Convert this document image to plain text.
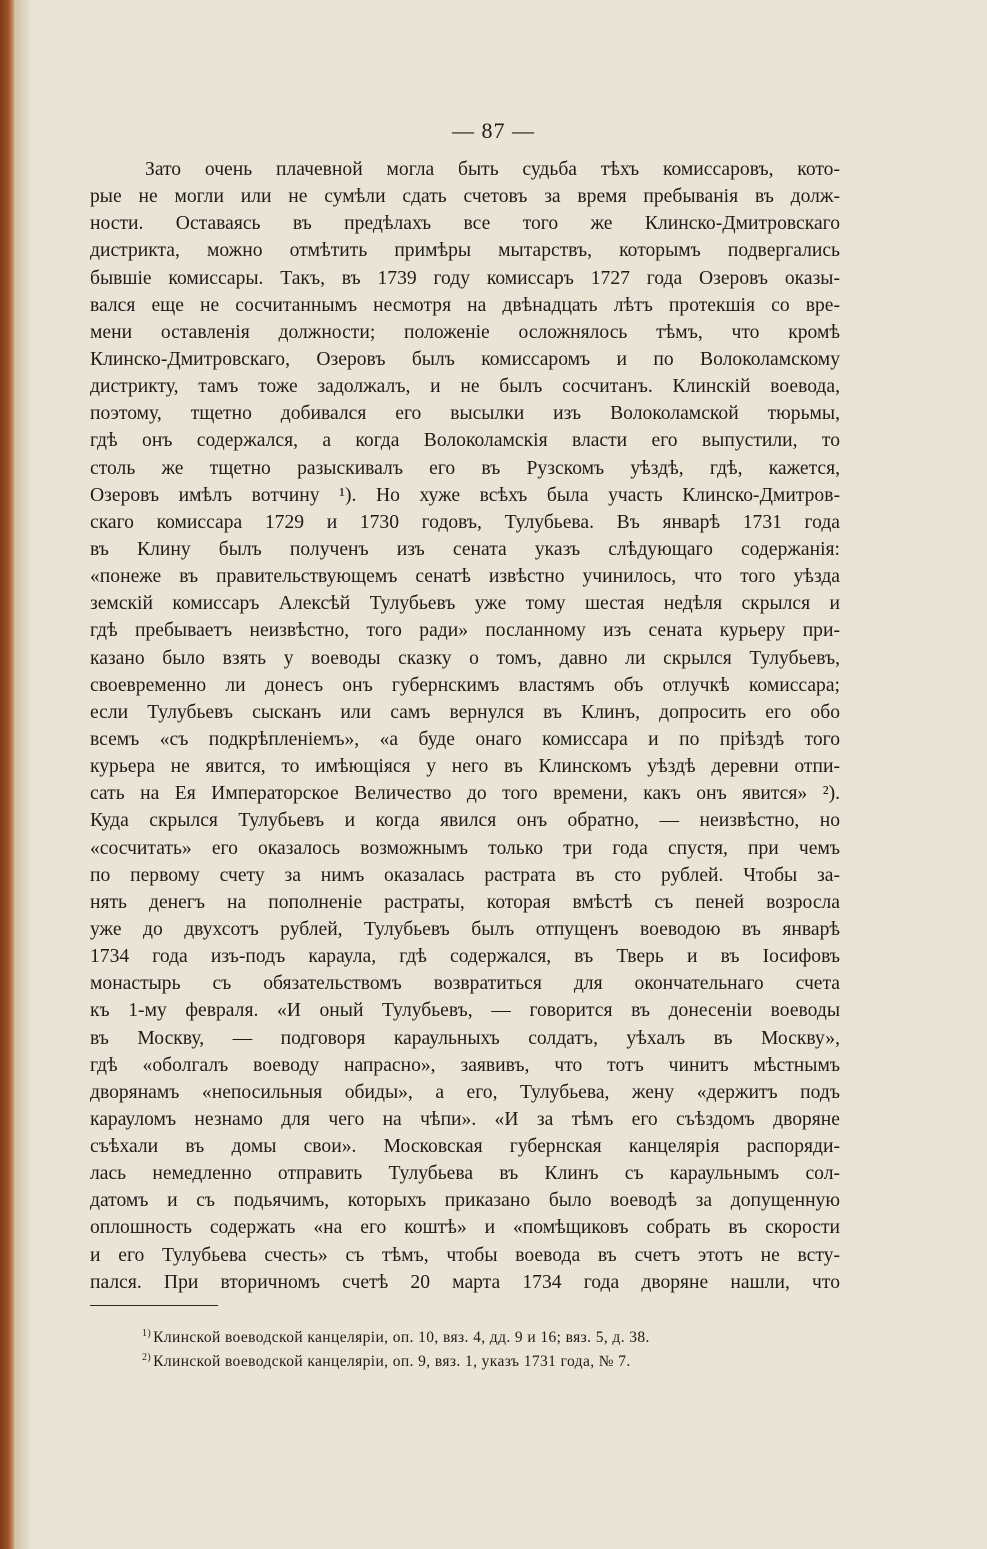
— 87 —
Зато очень плачевной могла быть судьба тѣхъ комиссаровъ, кото-
рые не могли или не сумѣли сдать счетовъ за время пребыванія въ долж-
ности. Оставаясь въ предѣлахъ все того же Клинско-Дмитровскаго
дистрикта, можно отмѣтить примѣры мытарствъ, которымъ подвергались
бывшіе комиссары. Такъ, въ 1739 году комиссаръ 1727 года Озеровъ оказы-
вался еще не сосчитаннымъ несмотря на двѣнадцать лѣтъ протекшія со вре-
мени оставленія должности; положеніе осложнялось тѣмъ, что кромѣ
Клинско-Дмитровскаго, Озеровъ былъ комиссаромъ и по Волоколамскому
дистрикту, тамъ тоже задолжалъ, и не былъ сосчитанъ. Клинскій воевода,
поэтому, тщетно добивался его высылки изъ Волоколамской тюрьмы,
гдѣ онъ содержался, а когда Волоколамскія власти его выпустили, то
столь же тщетно разыскивалъ его въ Рузскомъ уѣздѣ, гдѣ, кажется,
Озеровъ имѣлъ вотчину ¹). Но хуже всѣхъ была участь Клинско-Дмитров-
скаго комиссара 1729 и 1730 годовъ, Тулубьева. Въ январѣ 1731 года
въ Клину былъ полученъ изъ сената указъ слѣдующаго содержанія:
«понеже въ правительствующемъ сенатѣ извѣстно учинилось, что того уѣзда
земскій комиссаръ Алексѣй Тулубьевъ уже тому шестая недѣля скрылся и
гдѣ пребываетъ неизвѣстно, того ради» посланному изъ сената курьеру при-
казано было взять у воеводы сказку о томъ, давно ли скрылся Тулубьевъ,
своевременно ли донесъ онъ губернскимъ властямъ объ отлучкѣ комиссара;
если Тулубьевъ сысканъ или самъ вернулся въ Клинъ, допросить его обо
всемъ «съ подкрѣпленіемъ», «а буде онаго комиссара и по пріѣздѣ того
курьера не явится, то имѣющіяся у него въ Клинскомъ уѣздѣ деревни отпи-
сать на Ея Императорское Величество до того времени, какъ онъ явится» ²).
Куда скрылся Тулубьевъ и когда явился онъ обратно, — неизвѣстно, но
«сосчитать» его оказалось возможнымъ только три года спустя, при чемъ
по первому счету за нимъ оказалась растрата въ сто рублей. Чтобы за-
нять денегъ на пополненіе растраты, которая вмѣстѣ съ пеней возросла
уже до двухсотъ рублей, Тулубьевъ былъ отпущенъ воеводою въ январѣ
1734 года изъ-подъ караула, гдѣ содержался, въ Тверь и въ Іосифовъ
монастырь съ обязательствомъ возвратиться для окончательнаго счета
къ 1-му февраля. «И оный Тулубьевъ, — говорится въ донесеніи воеводы
въ Москву, — подговоря караульныхъ солдатъ, уѣхалъ въ Москву»,
гдѣ «оболгалъ воеводу напрасно», заявивъ, что тотъ чинитъ мѣстнымъ
дворянамъ «непосильныя обиды», а его, Тулубьева, жену «держитъ подъ
карауломъ незнамо для чего на чѣпи». «И за тѣмъ его съѣздомъ дворяне
съѣхали въ домы свои». Московская губернская канцелярія распоряди-
лась немедленно отправить Тулубьева въ Клинъ съ караульнымъ сол-
датомъ и съ подьячимъ, которыхъ приказано было воеводѣ за допущенную
оплошность содержать «на его коштѣ» и «помѣщиковъ собрать въ скорости
и его Тулубьева счесть» съ тѣмъ, чтобы воевода въ счетъ этотъ не всту-
пался. При вторичномъ счетѣ 20 марта 1734 года дворяне нашли, что
$^{1)}$ Клинской воеводской канцеляріи, оп. 10, вяз. 4, дд. 9 и 16; вяз. 5, д. 38.
$^{2)}$ Клинской воеводской канцеляріи, оп. 9, вяз. 1, указъ 1731 года, № 7.
